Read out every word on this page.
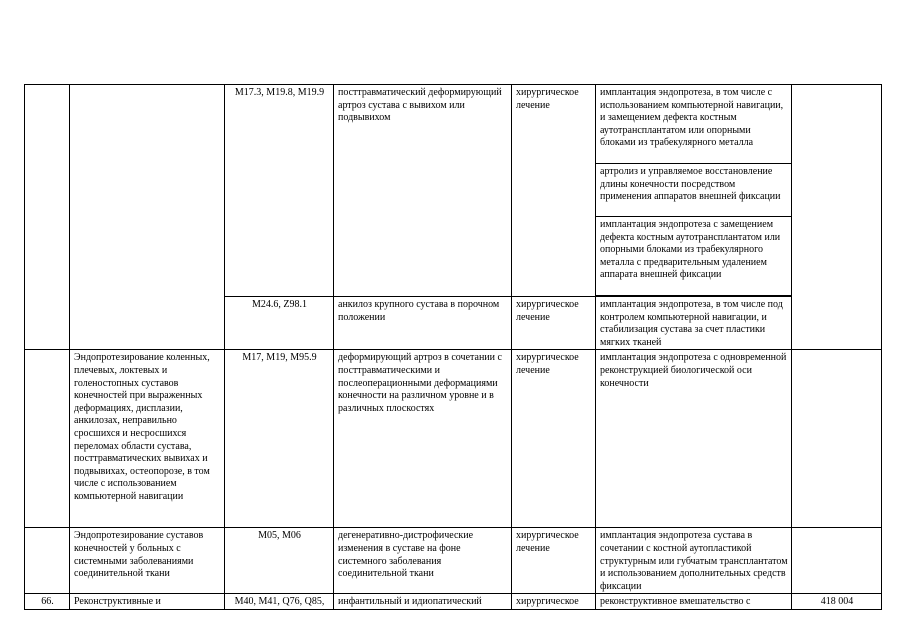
		M17.3, M19.8, M19.9	посттравматический деформирующий артроз сустава с вывихом или подвывихом	хирургическое лечение	имплантация эндопротеза, в том числе с использованием компьютерной навигации, и замещением дефекта костным аутотрансплантатом или опорными блоками из трабекулярного металла	
					артролиз и управляемое восстановление длины конечности посредством применения аппаратов внешней фиксации	
					имплантация эндопротеза с замещением дефекта костным аутотрансплантатом или опорными блоками из трабекулярного металла с предварительным удалением аппарата внешней фиксации	

		M24.6, Z98.1	анкилоз крупного сустава в порочном положении	хирургическое лечение	имплантация эндопротеза, в том числе под контролем компьютерной навигации, и стабилизация сустава за счет пластики мягких тканей	
	Эндопротезирование коленных, плечевых, локтевых и голеностопных суставов конечностей при выраженных деформациях, дисплазии, анкилозах, неправильно сросшихся и несросшихся переломах области сустава, посттравматических вывихах и подвывихах, остеопорозе, в том числе с использованием компьютерной навигации	M17, M19, M95.9	деформирующий артроз в сочетании с посттравматическими и послеоперационными деформациями конечности на различном уровне и в различных плоскостях	хирургическое лечение	имплантация эндопротеза с одновременной реконструкцией биологической оси конечности	
	Эндопротезирование суставов конечностей у больных с системными заболеваниями соединительной ткани	M05, M06	дегенеративно-дистрофические изменения в суставе на фоне системного заболевания соединительной ткани	хирургическое лечение	имплантация эндопротеза сустава в сочетании с костной аутопластикой структурным или губчатым трансплантатом и использованием дополнительных средств фиксации	
66.	Реконструктивные и	M40, M41, Q76, Q85,	инфантильный и идиопатический	хирургическое	реконструктивное вмешательство с	418 004
